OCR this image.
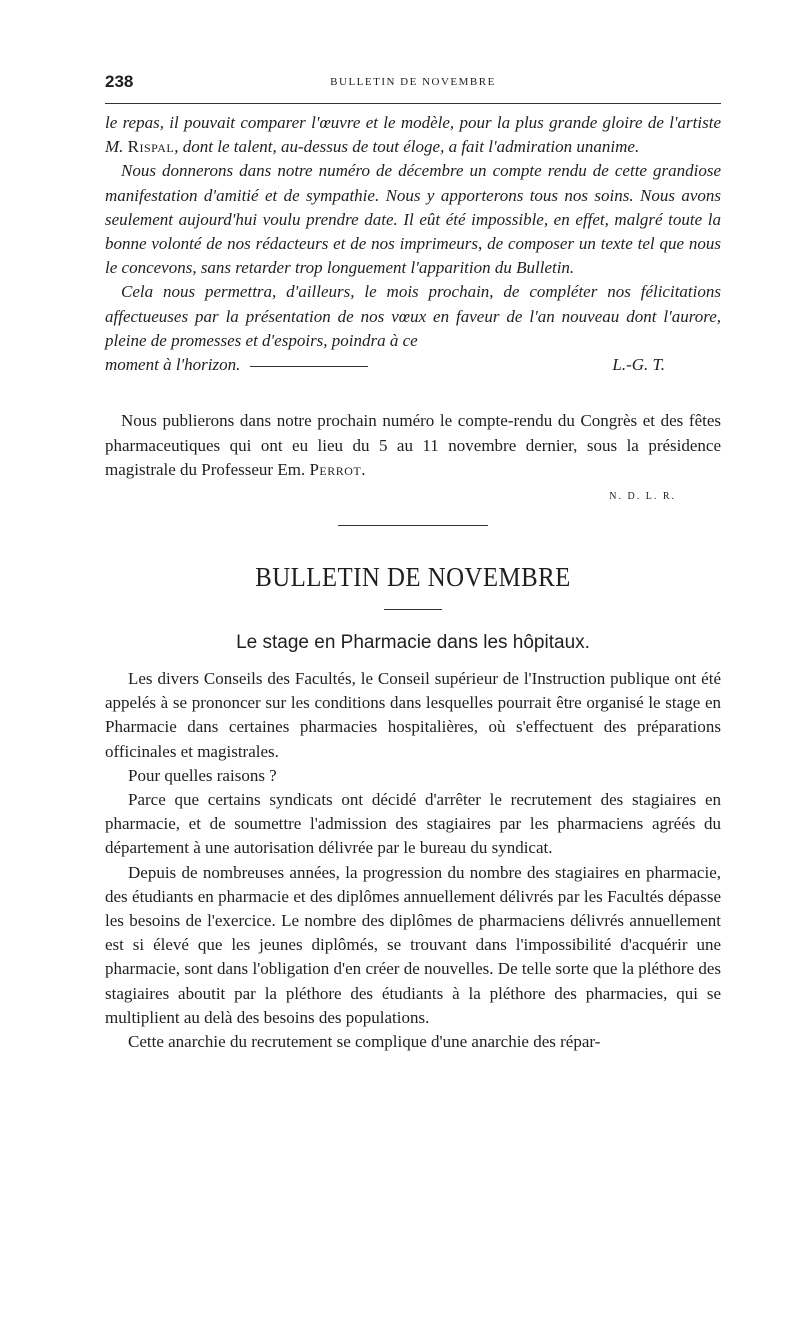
238	BULLETIN DE NOVEMBRE

le repas, il pouvait comparer l'œuvre et le modèle, pour la plus grande gloire de l'artiste M. Rispal, dont le talent, au-dessus de tout éloge, a fait l'admiration unanime.

Nous donnerons dans notre numéro de décembre un compte rendu de cette grandiose manifestation d'amitié et de sympathie. Nous y apporterons tous nos soins. Nous avons seulement aujourd'hui voulu prendre date. Il eût été impossible, en effet, malgré toute la bonne volonté de nos rédacteurs et de nos imprimeurs, de composer un texte tel que nous le concevons, sans retarder trop longuement l'apparition du Bulletin.

Cela nous permettra, d'ailleurs, le mois prochain, de compléter nos félicitations affectueuses par la présentation de nos vœux en faveur de l'an nouveau dont l'aurore, pleine de promesses et d'espoirs, poindra à ce

moment à l'horizon.	L.-G. T.

Nous publierons dans notre prochain numéro le compte-rendu du Congrès et des fêtes pharmaceutiques qui ont eu lieu du 5 au 11 novembre dernier, sous la présidence magistrale du Professeur Em. Perrot.

N. D. L. R.
BULLETIN DE NOVEMBRE
Le stage en Pharmacie dans les hôpitaux.

Les divers Conseils des Facultés, le Conseil supérieur de l'Instruction publique ont été appelés à se prononcer sur les conditions dans lesquelles pourrait être organisé le stage en Pharmacie dans certaines pharmacies hospitalières, où s'effectuent des préparations officinales et magistrales.

Pour quelles raisons ?

Parce que certains syndicats ont décidé d'arrêter le recrutement des stagiaires en pharmacie, et de soumettre l'admission des stagiaires par les pharmaciens agréés du département à une autorisation délivrée par le bureau du syndicat.

Depuis de nombreuses années, la progression du nombre des stagiaires en pharmacie, des étudiants en pharmacie et des diplômes annuellement délivrés par les Facultés dépasse les besoins de l'exercice. Le nombre des diplômes de pharmaciens délivrés annuellement est si élevé que les jeunes diplômés, se trouvant dans l'impossibilité d'acquérir une pharmacie, sont dans l'obligation d'en créer de nouvelles. De telle sorte que la pléthore des stagiaires aboutit par la pléthore des étudiants à la pléthore des pharmacies, qui se multiplient au delà des besoins des populations.

Cette anarchie du recrutement se complique d'une anarchie des répar-
